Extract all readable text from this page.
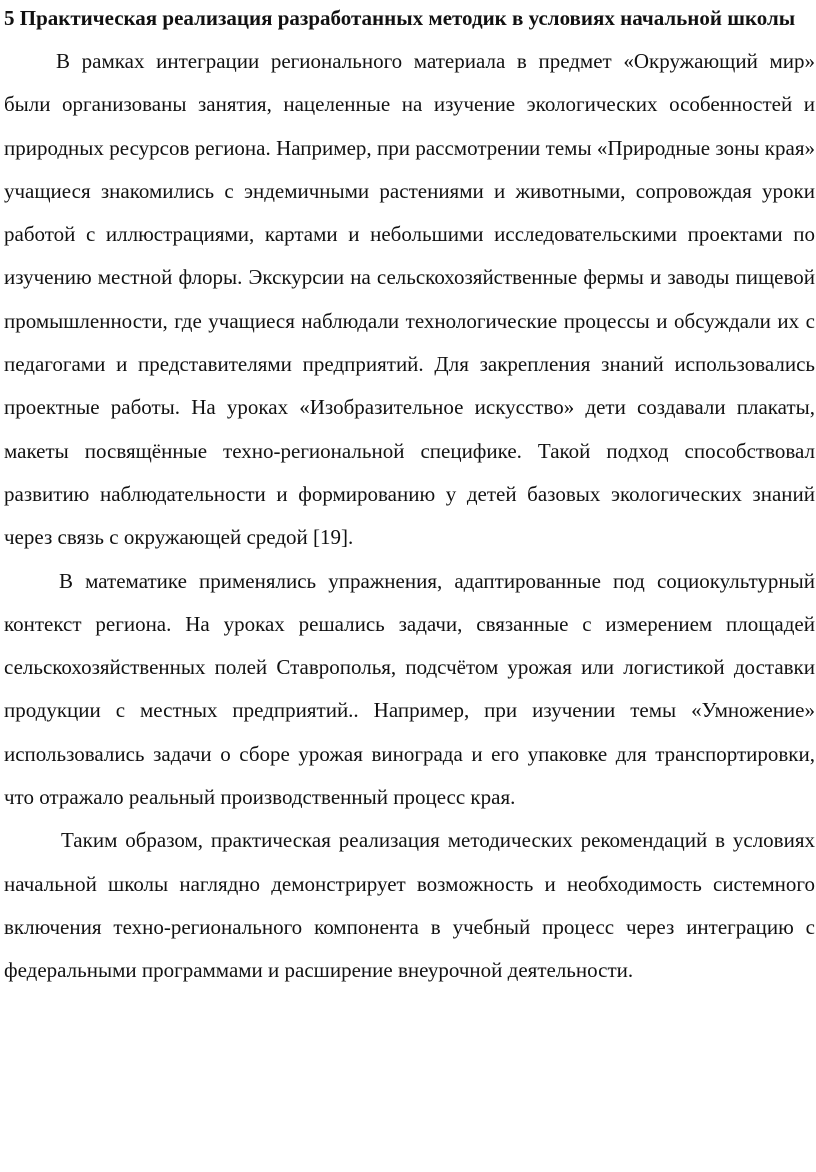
5 Практическая реализация разработанных методик в условиях начальной школы

В рамках интеграции регионального материала в предмет «Окружающий мир» были организованы занятия, нацеленные на изучение экологических особенностей и природных ресурсов региона. Например, при рассмотрении темы «Природные зоны края» учащиеся знакомились с эндемичными растениями и животными, сопровождая уроки работой с иллюстрациями, картами и небольшими исследовательскими проектами по изучению местной флоры. Экскурсии на сельскохозяйственные фермы и заводы пищевой промышленности, где учащиеся наблюдали технологические процессы и обсуждали их с педагогами и представителями предприятий. Для закрепления знаний использовались проектные работы. На уроках «Изобразительное искусство» дети создавали плакаты, макеты посвящённые техно-региональной специфике. Такой подход способствовал развитию наблюдательности и формированию у детей базовых экологических знаний через связь с окружающей средой [19].

В математике применялись упражнения, адаптированные под социокультурный контекст региона. На уроках решались задачи, связанные с измерением площадей сельскохозяйственных полей Ставрополья, подсчётом урожая или логистикой доставки продукции с местных предприятий.. Например, при изучении темы «Умножение» использовались задачи о сборе урожая винограда и его упаковке для транспортировки, что отражало реальный производственный процесс края.

Таким образом, практическая реализация методических рекомендаций в условиях начальной школы наглядно демонстрирует возможность и необходимость системного включения техно-регионального компонента в учебный процесс через интеграцию с федеральными программами и расширение внеурочной деятельности.
